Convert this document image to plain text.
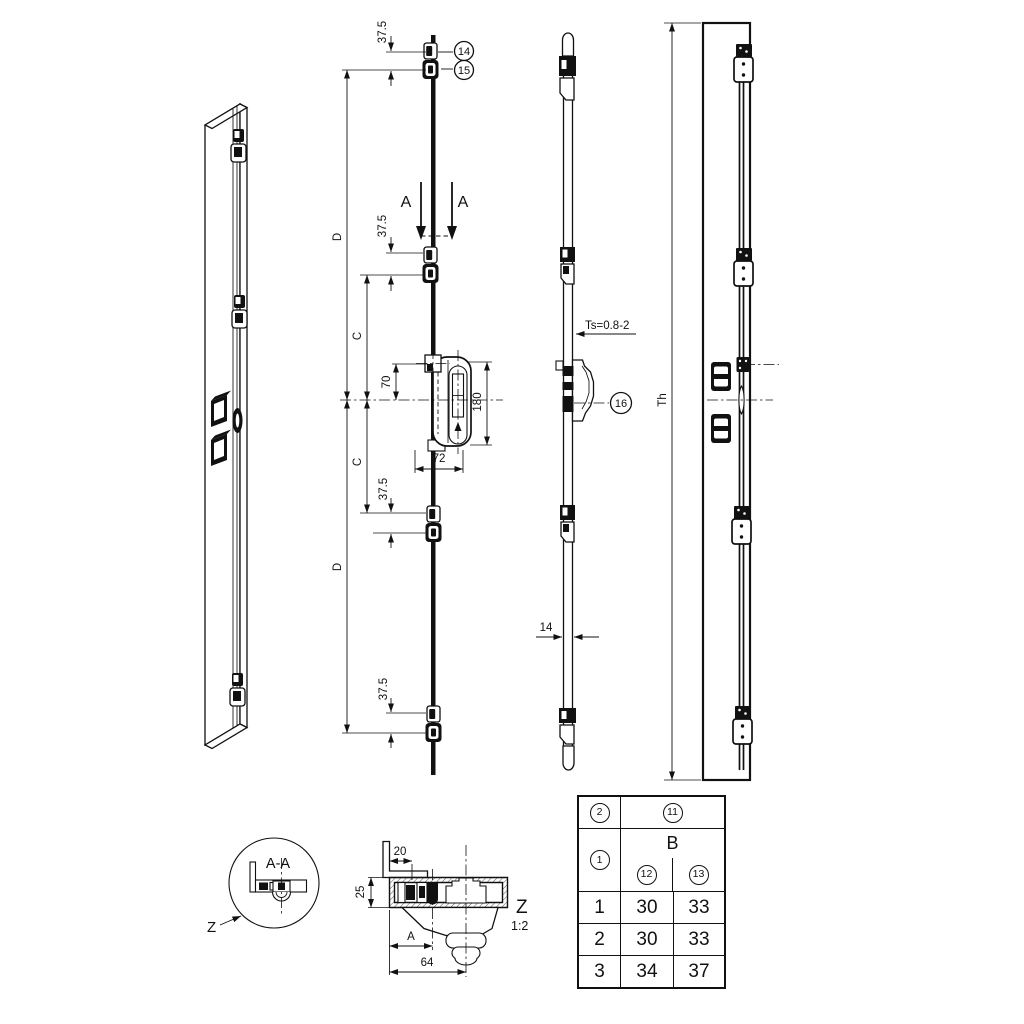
14
15
A	A
37.5
37.5
37.5
37.5
C
C
D
D
70
180
72
Ts=0.8-2
16
14
Th
A-A
Z
20
25
A
64
Z
1:2
2	11
1
B
12	13
1	30	33
2	30	33
3	34	37
